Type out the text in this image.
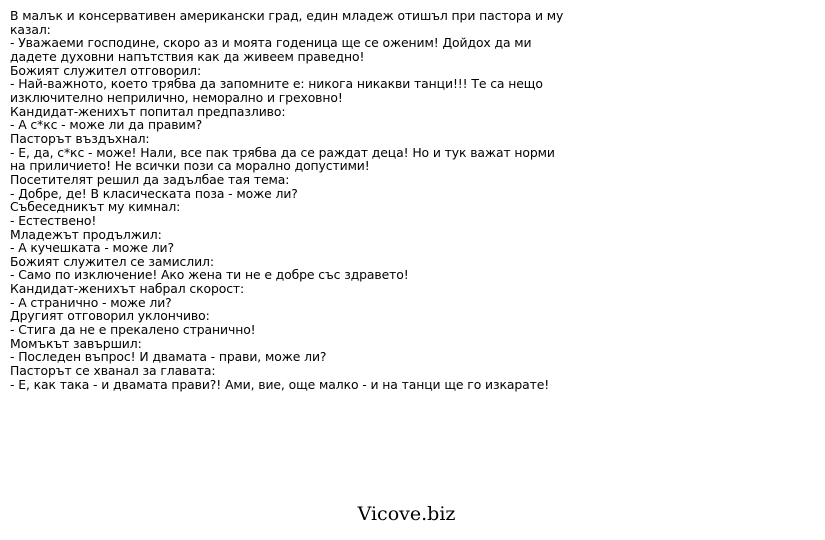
В малък и консервативен американски град, един младеж отишъл при пастора и му
казал:
- Уважаеми господине, скоро аз и моята годеница ще се оженим! Дойдох да ми
дадете духовни напътствия как да живеем праведно!
Божият служител отговорил:
- Най-важното, което трябва да запомните е: никога никакви танци!!! Те са нещо
изключително неприлично, неморално и греховно!
Кандидат-женихът попитал предпазливо:
- А с*кс - може ли да правим?
Пасторът въздъхнал:
- Е, да, с*кс - може! Нали, все пак трябва да се раждат деца! Но и тук важат норми
на приличието! Не всички пози са морално допустими!
Посетителят решил да задълбае тая тема:
- Добре, де! В класическата поза - може ли?
Събеседникът му кимнал:
- Естествено!
Младежът продължил:
- А кучешката - може ли?
Божият служител се замислил:
- Само по изключение! Ако жена ти не е добре със здравето!
Кандидат-женихът набрал скорост:
- А странично - може ли?
Другият отговорил уклончиво:
- Стига да не е прекалено странично!
Момъкът завършил:
- Последен въпрос! И двамата - прави, може ли?
Пасторът се хванал за главата:
- Е, как така - и двамата прави?! Ами, вие, още малко - и на танци ще го изкарате!
Vicove.biz
